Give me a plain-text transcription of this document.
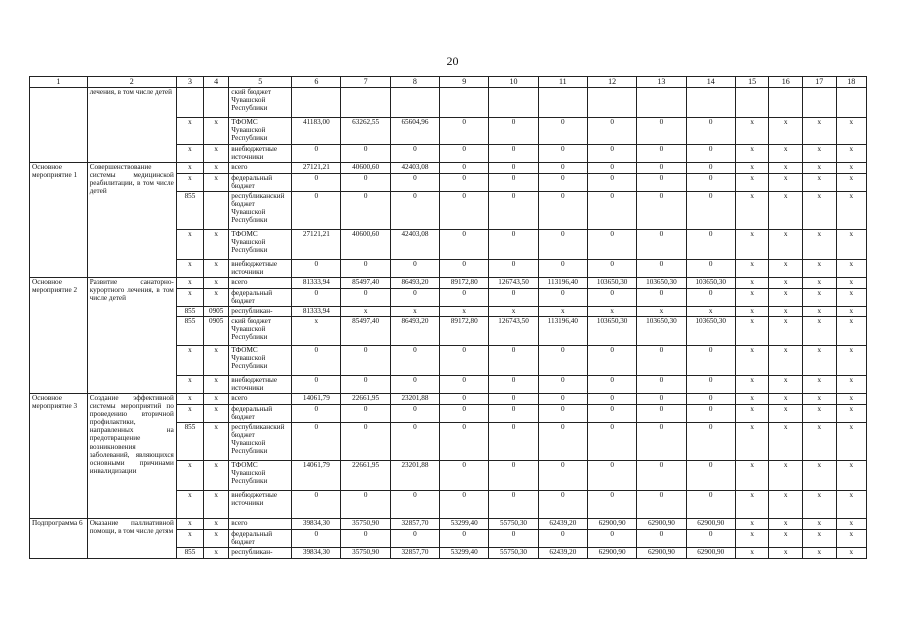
20
1	2	3	4	5	6	7	8	9	10	11	12	13	14	15	16	17	18
	лечения, в том числе детей			ский бюджет Чувашской Республики													
		x	x	ТФОМС Чувашской Республики	41183,00	63262,55	65604,96	0	0	0	0	0	0	x	x	x	x
		x	x	внебюджетные источники	0	0	0	0	0	0	0	0	0	x	x	x	x
Основное мероприятие 1	Совершенствование системы медицинской реабилитации, в том числе детей	x	x	всего	27121,21	40600,60	42403,08	0	0	0	0	0	0	x	x	x	x
		x	x	федеральный бюджет	0	0	0	0	0	0	0	0	0	x	x	x	x
		855		республиканский бюджет Чувашской Республики	0	0	0	0	0	0	0	0	0	x	x	x	x
		x	x	ТФОМС Чувашской Республики	27121,21	40600,60	42403,08	0	0	0	0	0	0	x	x	x	x
		x	x	внебюджетные источники	0	0	0	0	0	0	0	0	0	x	x	x	x
Основное мероприятие 2	Развитие санаторно-курортного лечения, в том числе детей	x	x	всего	81333,94	85497,40	86493,20	89172,80	126743,50	113196,40	103650,30	103650,30	103650,30	x	x	x	x
		x	x	федеральный бюджет	0	0	0	0	0	0	0	0	0	x	x	x	x
		855	0905	республикан-	81333,94	x	x	x	x	x	x	x	x	x	x	x	x
		855	0905	ский бюджет Чувашской Республики	x	85497,40	86493,20	89172,80	126743,50	113196,40	103650,30	103650,30	103650,30	x	x	x	x
		x	x	ТФОМС Чувашской Республики	0	0	0	0	0	0	0	0	0	x	x	x	x
		x	x	внебюджетные источники	0	0	0	0	0	0	0	0	0	x	x	x	x
Основное мероприятие 3	Создание эффективной системы мероприятий по проведению вторичной профилактики, направленных на предотвращение возникновения заболеваний, являющихся основными причинами инвалидизации	x	x	всего	14061,79	22661,95	23201,88	0	0	0	0	0	0	x	x	x	x
		x	x	федеральный бюджет	0	0	0	0	0	0	0	0	0	x	x	x	x
		855	x	республиканский бюджет Чувашской Республики	0	0	0	0	0	0	0	0	0	x	x	x	x
		x	x	ТФОМС Чувашской Республики	14061,79	22661,95	23201,88	0	0	0	0	0	0	x	x	x	x
		x	x	внебюджетные источники	0	0	0	0	0	0	0	0	0	x	x	x	x
Подпрограмма 6	Оказание паллиативной помощи, в том числе детям	x	x	всего	39834,30	35750,90	32857,70	53299,40	55750,30	62439,20	62900,90	62900,90	62900,90	x	x	x	x
		x	x	федеральный бюджет	0	0	0	0	0	0	0	0	0	x	x	x	x
		855	x	республикан-	39834,30	35750,90	32857,70	53299,40	55750,30	62439,20	62900,90	62900,90	62900,90	x	x	x	x
